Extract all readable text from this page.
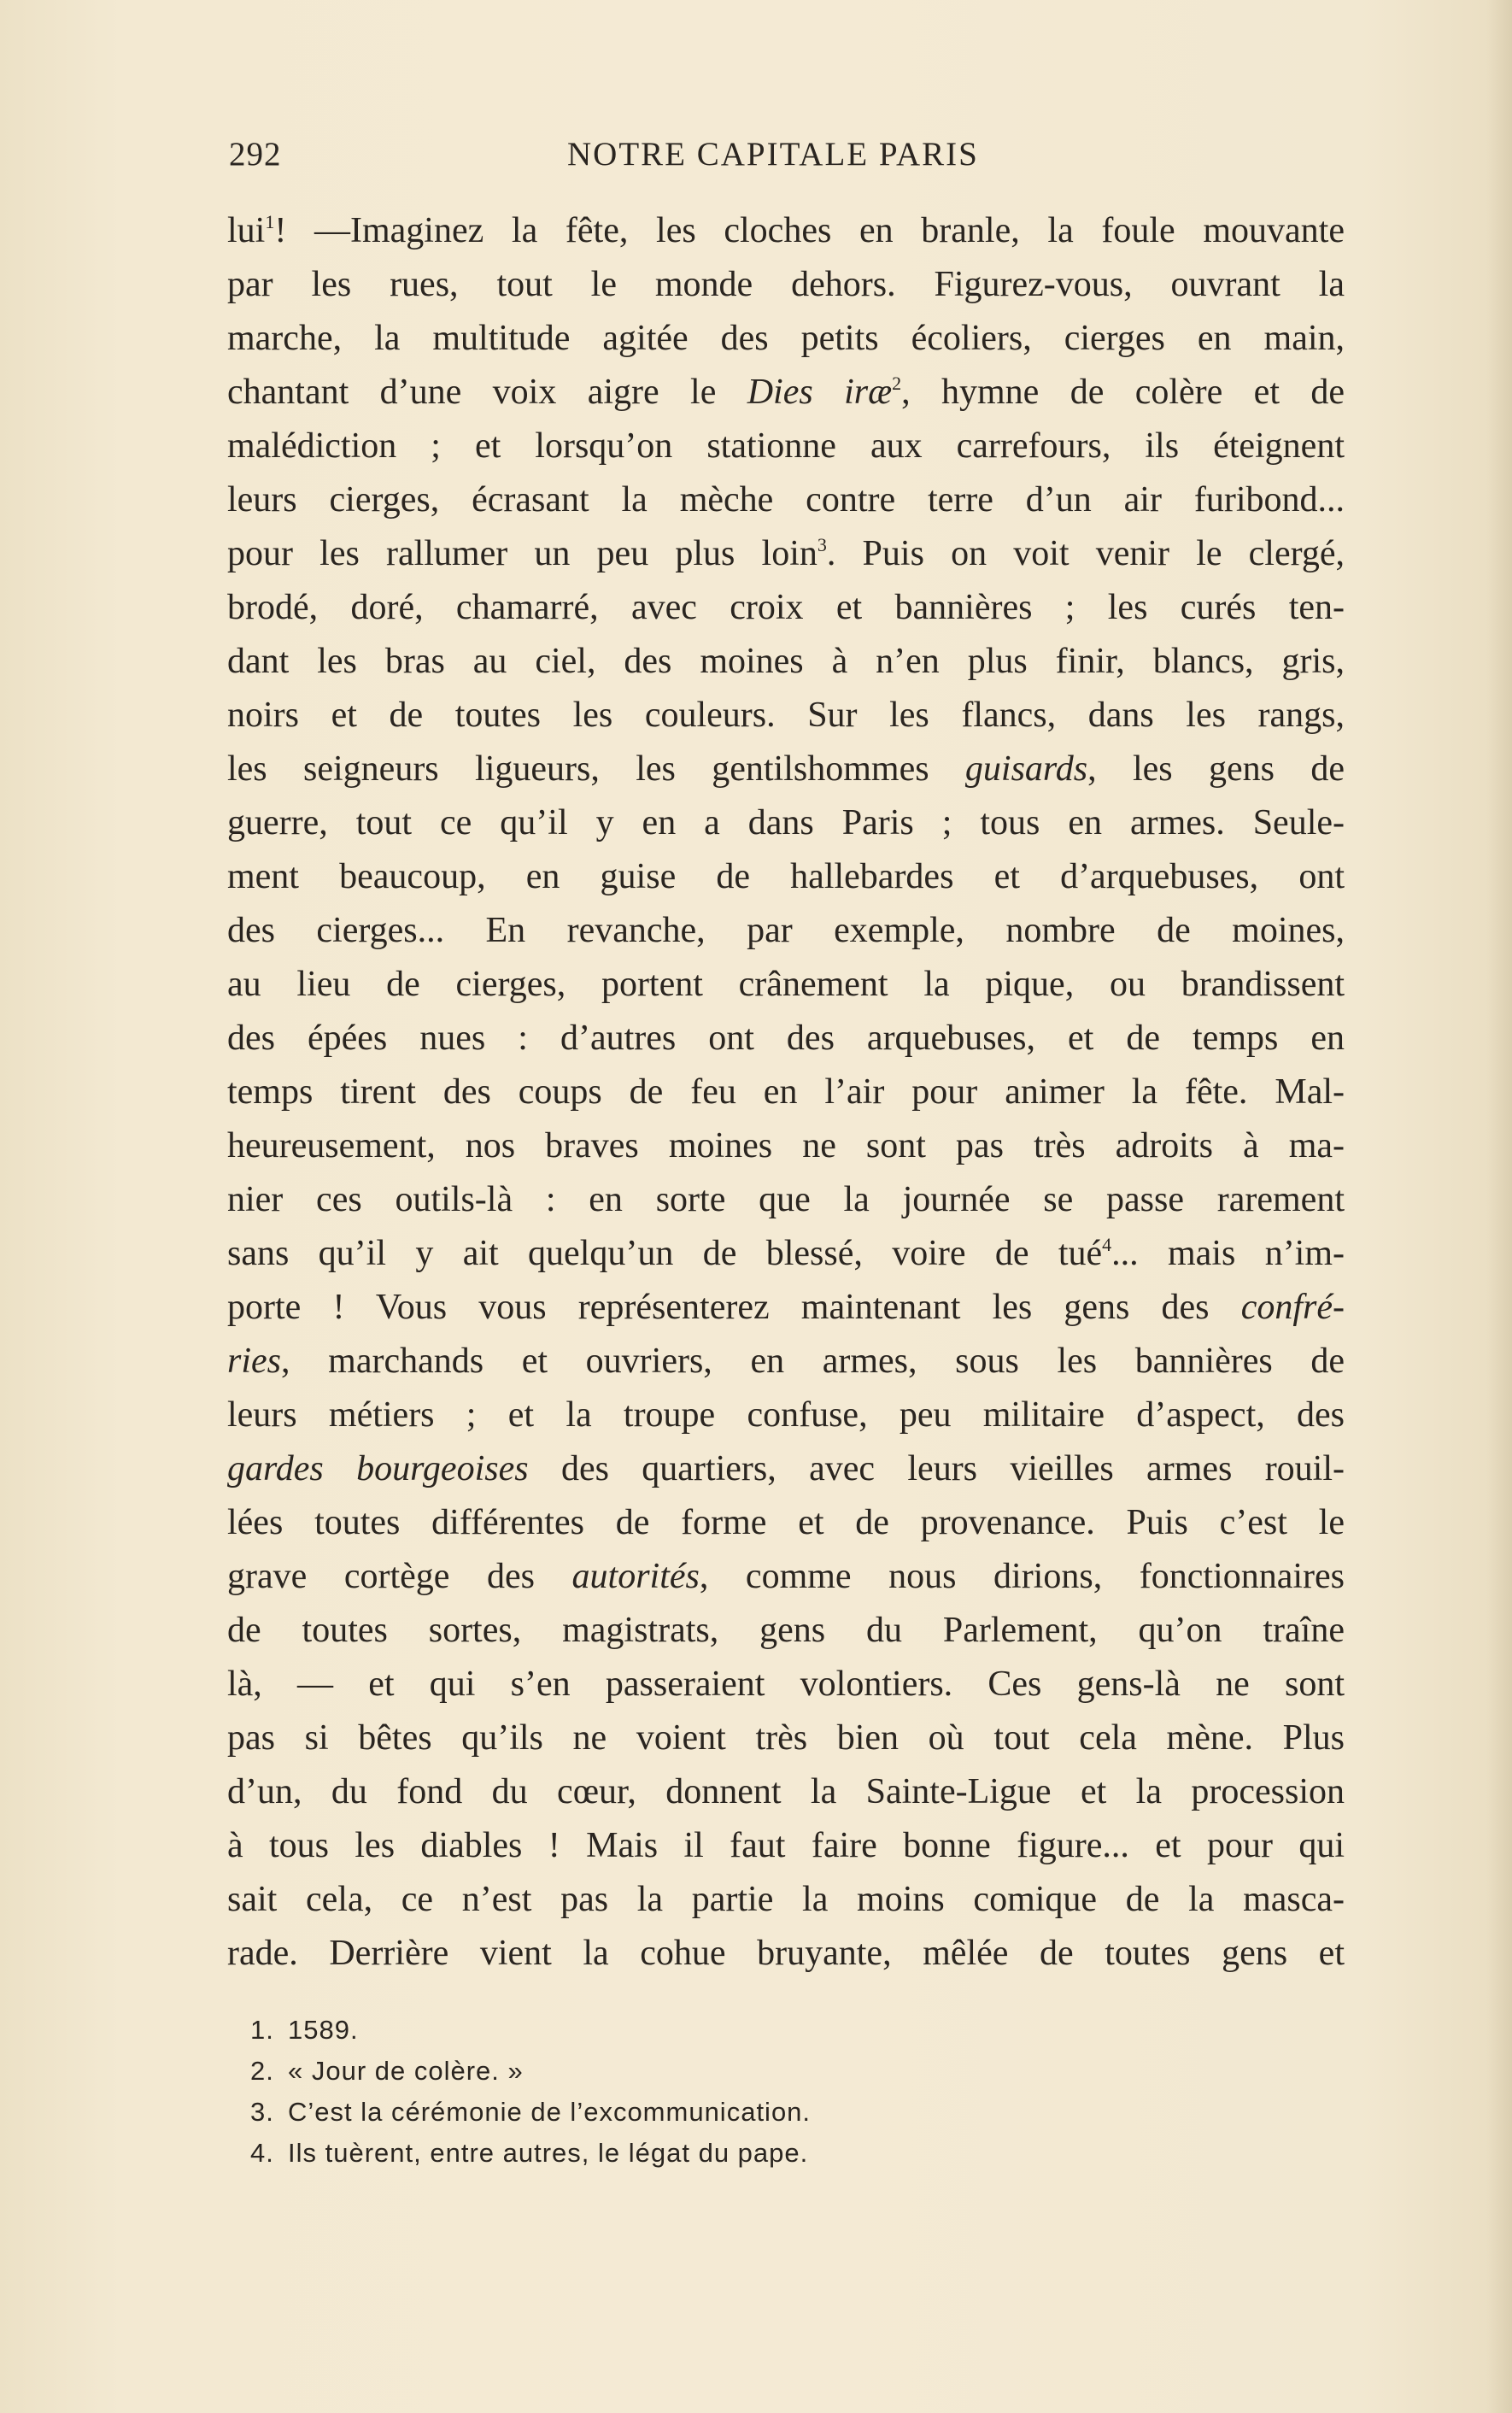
292	NOTRE CAPITALE PARIS
lui$^1$! —Imaginez la fête, les cloches en branle, la foule mouvante
par les rues, tout le monde dehors. Figurez-vous, ouvrant la
marche, la multitude agitée des petits écoliers, cierges en main,
chantant d’une voix aigre le Dies iræ$^2$, hymne de colère et de
malédiction ; et lorsqu’on stationne aux carrefours, ils éteignent
leurs cierges, écrasant la mèche contre terre d’un air furibond...
pour les rallumer un peu plus loin$^3$. Puis on voit venir le clergé,
brodé, doré, chamarré, avec croix et bannières ; les curés ten-
dant les bras au ciel, des moines à n’en plus finir, blancs, gris,
noirs et de toutes les couleurs. Sur les flancs, dans les rangs,
les seigneurs ligueurs, les gentilshommes guisards, les gens de
guerre, tout ce qu’il y en a dans Paris ; tous en armes. Seule-
ment beaucoup, en guise de hallebardes et d’arquebuses, ont
des cierges... En revanche, par exemple, nombre de moines,
au lieu de cierges, portent crânement la pique, ou brandissent
des épées nues : d’autres ont des arquebuses, et de temps en
temps tirent des coups de feu en l’air pour animer la fête. Mal-
heureusement, nos braves moines ne sont pas très adroits à ma-
nier ces outils-là : en sorte que la journée se passe rarement
sans qu’il y ait quelqu’un de blessé, voire de tué$^4$... mais n’im-
porte ! Vous vous représenterez maintenant les gens des confré-
ries, marchands et ouvriers, en armes, sous les bannières de
leurs métiers ; et la troupe confuse, peu militaire d’aspect, des
gardes bourgeoises des quartiers, avec leurs vieilles armes rouil-
lées toutes différentes de forme et de provenance. Puis c’est le
grave cortège des autorités, comme nous dirions, fonctionnaires
de toutes sortes, magistrats, gens du Parlement, qu’on traîne
là, — et qui s’en passeraient volontiers. Ces gens-là ne sont
pas si bêtes qu’ils ne voient très bien où tout cela mène. Plus
d’un, du fond du cœur, donnent la Sainte-Ligue et la procession
à tous les diables ! Mais il faut faire bonne figure... et pour qui
sait cela, ce n’est pas la partie la moins comique de la masca-
rade. Derrière vient la cohue bruyante, mêlée de toutes gens et
1. 1589.
2. « Jour de colère. »
3. C’est la cérémonie de l’excommunication.
4. Ils tuèrent, entre autres, le légat du pape.
